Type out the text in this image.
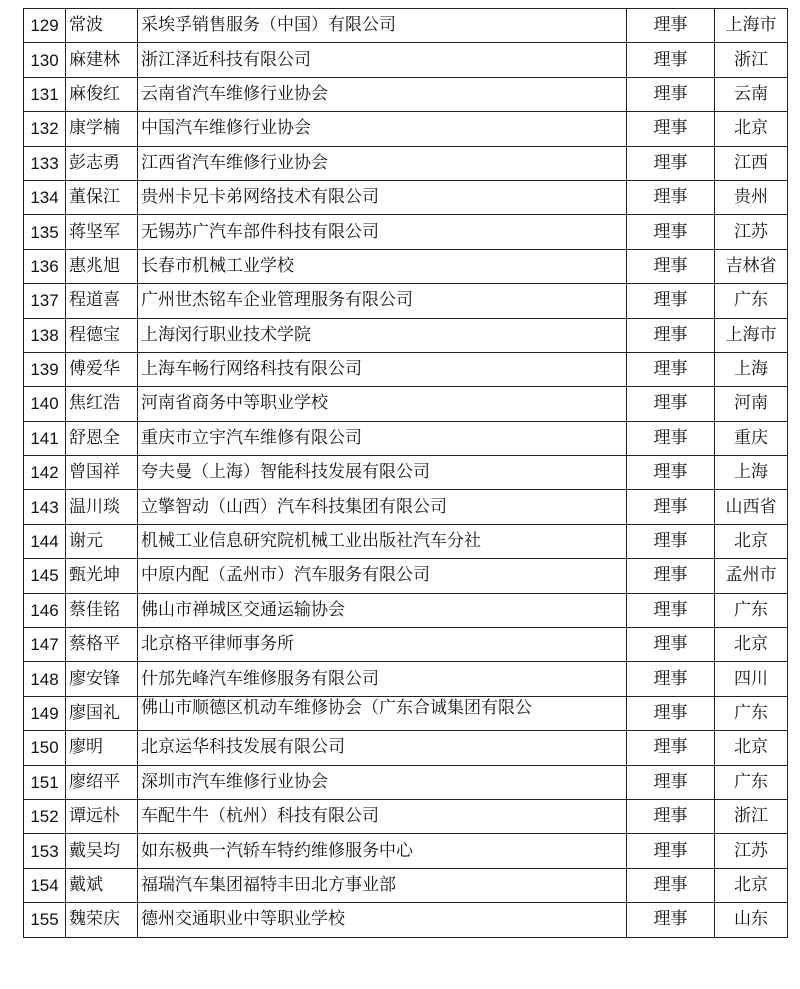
129	常波	采埃孚销售服务（中国）有限公司	理事	上海市
130	麻建林	浙江泽近科技有限公司	理事	浙江
131	麻俊红	云南省汽车维修行业协会	理事	云南
132	康学楠	中国汽车维修行业协会	理事	北京
133	彭志勇	江西省汽车维修行业协会	理事	江西
134	董保江	贵州卡兄卡弟网络技术有限公司	理事	贵州
135	蒋坚军	无锡苏广汽车部件科技有限公司	理事	江苏
136	惠兆旭	长春市机械工业学校	理事	吉林省
137	程道喜	广州世杰铭车企业管理服务有限公司	理事	广东
138	程德宝	上海闵行职业技术学院	理事	上海市
139	傅爱华	上海车畅行网络科技有限公司	理事	上海
140	焦红浩	河南省商务中等职业学校	理事	河南
141	舒恩全	重庆市立宇汽车维修有限公司	理事	重庆
142	曾国祥	夸夫曼（上海）智能科技发展有限公司	理事	上海
143	温川琰	立擎智动（山西）汽车科技集团有限公司	理事	山西省
144	谢元	机械工业信息研究院机械工业出版社汽车分社	理事	北京
145	甄光坤	中原内配（孟州市）汽车服务有限公司	理事	孟州市
146	蔡佳铭	佛山市禅城区交通运输协会	理事	广东
147	蔡格平	北京格平律师事务所	理事	北京
148	廖安锋	什邡先峰汽车维修服务有限公司	理事	四川
149	廖国礼	佛山市顺德区机动车维修协会（广东合诚集团有限公	理事	广东
150	廖明	北京运华科技发展有限公司	理事	北京
151	廖绍平	深圳市汽车维修行业协会	理事	广东
152	谭远朴	车配牛牛（杭州）科技有限公司	理事	浙江
153	戴吴均	如东极典一汽轿车特约维修服务中心	理事	江苏
154	戴斌	福瑞汽车集团福特丰田北方事业部	理事	北京
155	魏荣庆	德州交通职业中等职业学校	理事	山东
